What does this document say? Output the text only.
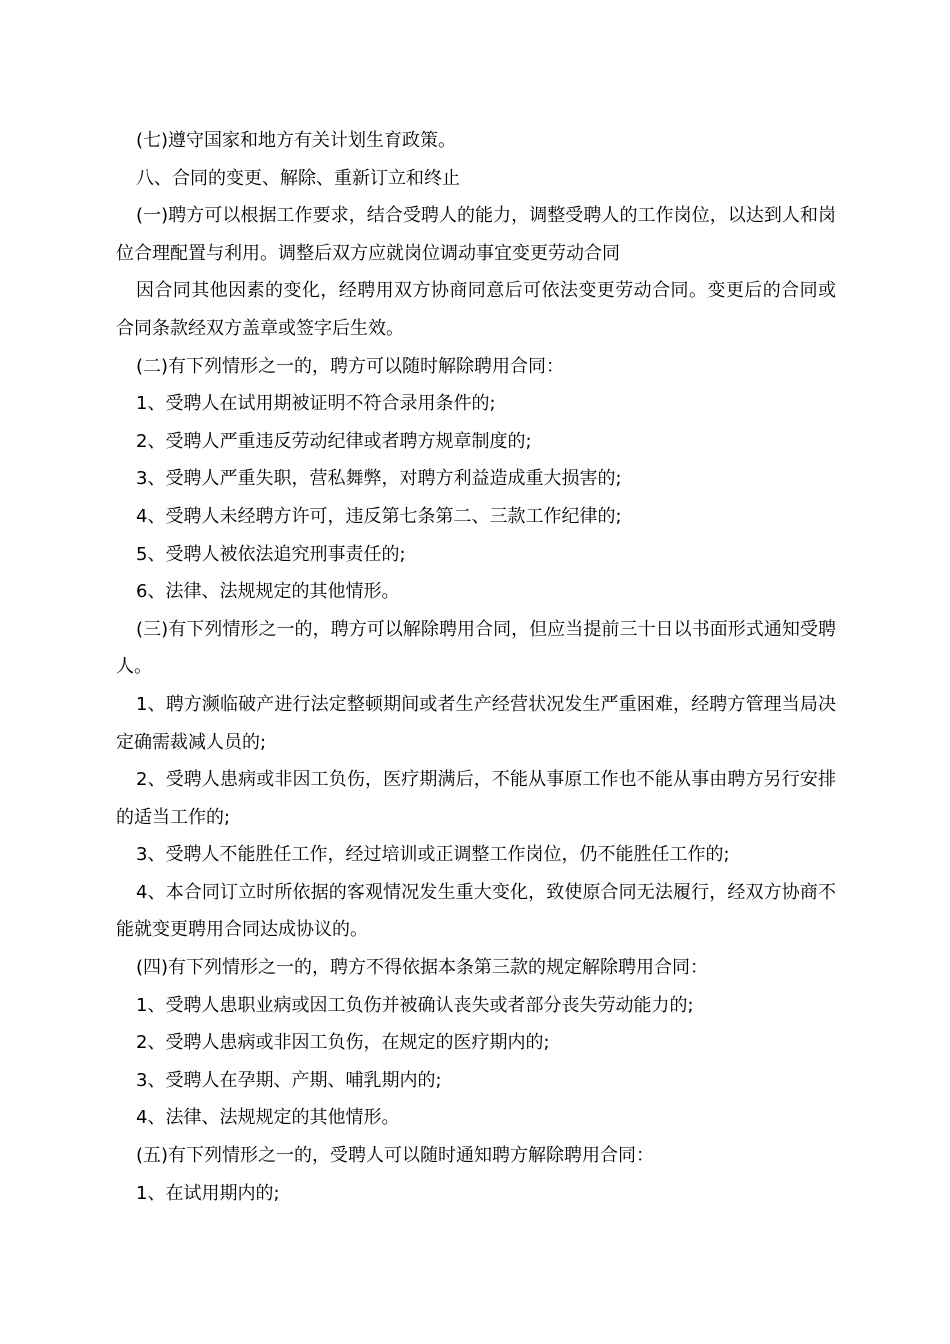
(七)遵守国家和地方有关计划生育政策。

八、合同的变更、解除、重新订立和终止

(一)聘方可以根据工作要求，结合受聘人的能力，调整受聘人的工作岗位，以达到人和岗位合理配置与利用。调整后双方应就岗位调动事宜变更劳动合同

因合同其他因素的变化，经聘用双方协商同意后可依法变更劳动合同。变更后的合同或合同条款经双方盖章或签字后生效。

(二)有下列情形之一的，聘方可以随时解除聘用合同：

1、受聘人在试用期被证明不符合录用条件的;

2、受聘人严重违反劳动纪律或者聘方规章制度的;

3、受聘人严重失职，营私舞弊，对聘方利益造成重大损害的;

4、受聘人未经聘方许可，违反第七条第二、三款工作纪律的;

5、受聘人被依法追究刑事责任的;

6、法律、法规规定的其他情形。

(三)有下列情形之一的，聘方可以解除聘用合同，但应当提前三十日以书面形式通知受聘人。

1、聘方濒临破产进行法定整顿期间或者生产经营状况发生严重困难，经聘方管理当局决定确需裁减人员的;

2、受聘人患病或非因工负伤，医疗期满后，不能从事原工作也不能从事由聘方另行安排的适当工作的;

3、受聘人不能胜任工作，经过培训或正调整工作岗位，仍不能胜任工作的;

4、本合同订立时所依据的客观情况发生重大变化，致使原合同无法履行，经双方协商不能就变更聘用合同达成协议的。

(四)有下列情形之一的，聘方不得依据本条第三款的规定解除聘用合同：

1、受聘人患职业病或因工负伤并被确认丧失或者部分丧失劳动能力的;

2、受聘人患病或非因工负伤，在规定的医疗期内的;

3、受聘人在孕期、产期、哺乳期内的;

4、法律、法规规定的其他情形。

(五)有下列情形之一的，受聘人可以随时通知聘方解除聘用合同：

1、在试用期内的;
